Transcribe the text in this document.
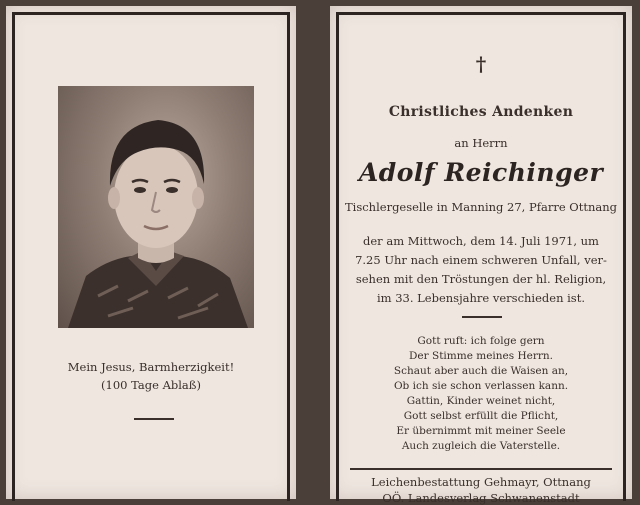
Mein Jesus, Barmherzigkeit!
(100 Tage Ablaß)
†
Christliches Andenken
an Herrn
Adolf Reichinger
Tischlergeselle in Manning 27, Pfarre Ottnang
der am Mittwoch, dem 14. Juli 1971, um
7.25 Uhr nach einem schweren Unfall, ver-
sehen mit den Tröstungen der hl. Religion,
im 33. Lebensjahre verschieden ist.
Gott ruft: ich folge gern
Der Stimme meines Herrn.
Schaut aber auch die Waisen an,
Ob ich sie schon verlassen kann.
Gattin, Kinder weinet nicht,
Gott selbst erfüllt die Pflicht,
Er übernimmt mit meiner Seele
Auch zugleich die Vaterstelle.
Leichenbestattung Gehmayr, Ottnang
OÖ. Landesverlag Schwanenstadt
